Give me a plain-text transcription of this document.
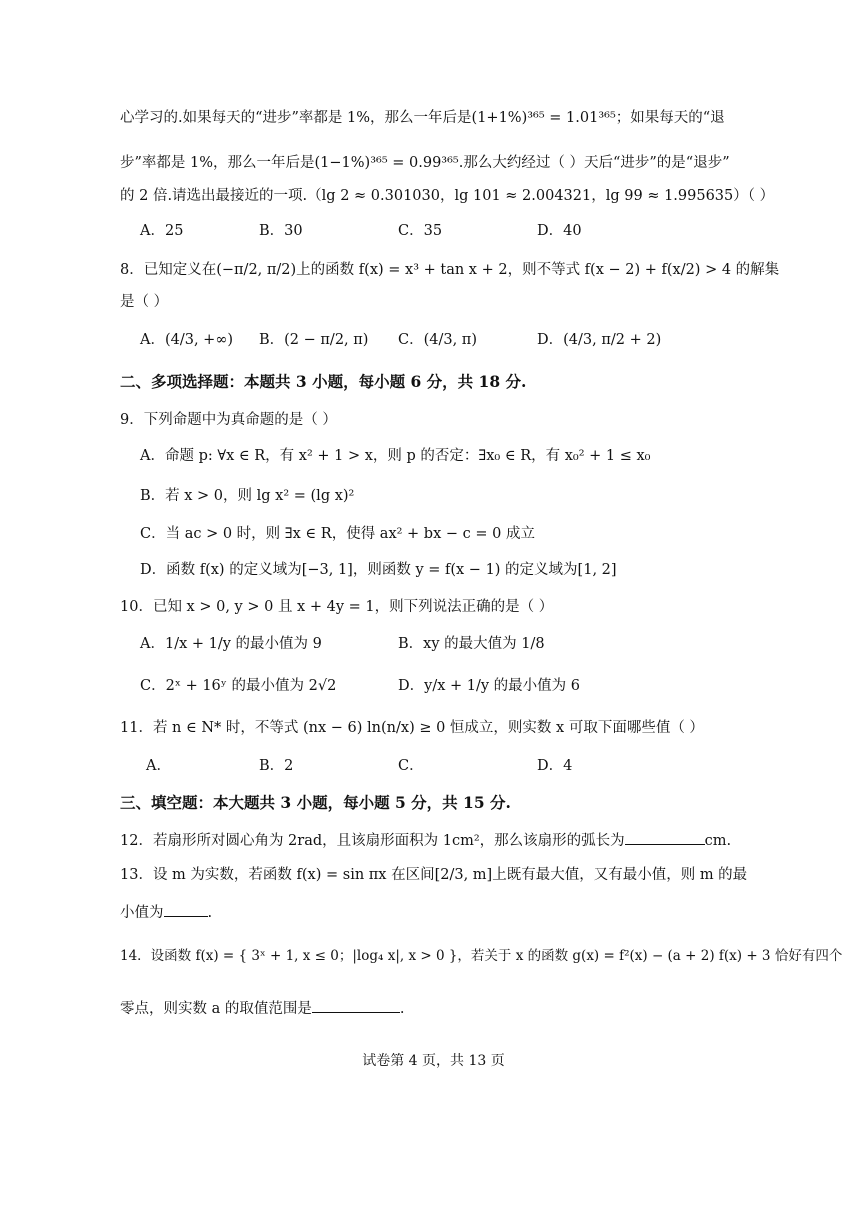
心学习的.如果每天的“进步”率都是 1%，那么一年后是(1+1%)³⁶⁵ = 1.01³⁶⁵；如果每天的“退
步”率都是 1%，那么一年后是(1−1%)³⁶⁵ = 0.99³⁶⁵.那么大约经过（ ）天后“进步”的是“退步”
的 2 倍.请选出最接近的一项.（lg 2 ≈ 0.301030，lg 101 ≈ 2.004321，lg 99 ≈ 1.995635）（ ）
A．25	B．30	C．35	D．40
8．已知定义在(−π/2, π/2)上的函数 f(x) = x³ + tan x + 2，则不等式 f(x − 2) + f(x/2) > 4 的解集
是（ ）
A．(4/3, +∞) B．(2 − π/2, π) C．(4/3, π)	D．(4/3, π/2 + 2)
二、多项选择题：本题共 3 小题，每小题 6 分，共 18 分.
9．下列命题中为真命题的是（ ）
A．命题 p: ∀x ∈ R，有 x² + 1 > x，则 p 的否定：∃x₀ ∈ R，有 x₀² + 1 ≤ x₀
B．若 x > 0，则 lg x² = (lg x)²
C．当 ac > 0 时，则 ∃x ∈ R，使得 ax² + bx − c = 0 成立
D．函数 f(x) 的定义域为[−3, 1]，则函数 y = f(x − 1) 的定义域为[1, 2]
10．已知 x > 0, y > 0 且 x + 4y = 1，则下列说法正确的是（ ）
A．1/x + 1/y 的最小值为 9	B．xy 的最大值为 1/8
C．2ˣ + 16ʸ 的最小值为 2√2	D．y/x + 1/y 的最小值为 6
11．若 n ∈ N* 时，不等式 (nx − 6) ln(n/x) ≥ 0 恒成立，则实数 x 可取下面哪些值（ ）
A．	B．2	C．	D．4
三、填空题：本大题共 3 小题，每小题 5 分，共 15 分.
12．若扇形所对圆心角为 2rad，且该扇形面积为 1cm²，那么该扇形的弧长为	cm.
13．设 m 为实数，若函数 f(x) = sin πx 在区间[2/3, m]上既有最大值，又有最小值，则 m 的最
小值为	.
14．设函数 f(x) = { 3ˣ + 1, x ≤ 0；|log₄ x|, x > 0 }，若关于 x 的函数 g(x) = f²(x) − (a + 2) f(x) + 3 恰好有四个
零点，则实数 a 的取值范围是	.
试卷第 4 页，共 13 页
